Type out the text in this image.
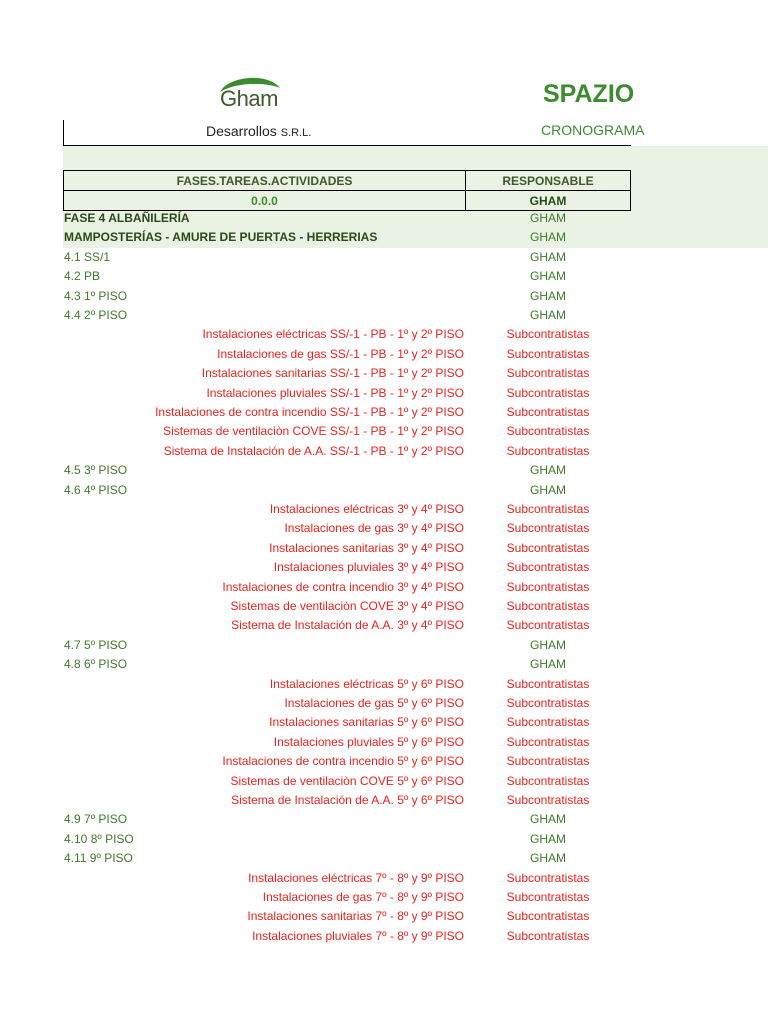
Gham
Desarrollos S.R.L.
SPAZIO
CRONOGRAMA
FASES.TAREAS.ACTIVIDADES	RESPONSABLE
0.0.0	GHAM
FASE 4 ALBAÑILERÍA	GHAM
MAMPOSTERÍAS - AMURE DE PUERTAS - HERRERIAS	GHAM
4.1 SS/1	GHAM
4.2 PB	GHAM
4.3 1º PISO	GHAM
4.4 2º PISO	GHAM
Instalaciones eléctricas SS/-1 - PB - 1º y 2º PISO	Subcontratistas
Instalaciones de gas SS/-1 - PB - 1º y 2º PISO	Subcontratistas
Instalaciones sanitarias SS/-1 - PB - 1º y 2º PISO	Subcontratistas
Instalaciones pluviales SS/-1 - PB - 1º y 2º PISO	Subcontratistas
Instalaciones de contra incendio SS/-1 - PB - 1º y 2º PISO	Subcontratistas
Sistemas de ventilaciòn COVE SS/-1 - PB - 1º y 2º PISO	Subcontratistas
Sistema de Instalación de A.A. SS/-1 - PB - 1º y 2º PISO	Subcontratistas
4.5 3º PISO	GHAM
4.6 4º PISO	GHAM
Instalaciones eléctricas 3º y 4º PISO	Subcontratistas
Instalaciones de gas 3º y 4º PISO	Subcontratistas
Instalaciones sanitarias 3º y 4º PISO	Subcontratistas
Instalaciones pluviales 3º y 4º PISO	Subcontratistas
Instalaciones de contra incendio 3º y 4º PISO	Subcontratistas
Sistemas de ventilaciòn COVE 3º y 4º PISO	Subcontratistas
Sistema de Instalación de A.A. 3º y 4º PISO	Subcontratistas
4.7 5º PISO	GHAM
4.8 6º PISO	GHAM
Instalaciones eléctricas 5º y 6º PISO	Subcontratistas
Instalaciones de gas 5º y 6º PISO	Subcontratistas
Instalaciones sanitarias 5º y 6º PISO	Subcontratistas
Instalaciones pluviales 5º y 6º PISO	Subcontratistas
Instalaciones de contra incendio 5º y 6º PISO	Subcontratistas
Sistemas de ventilaciòn COVE 5º y 6º PISO	Subcontratistas
Sistema de Instalación de A.A. 5º y 6º PISO	Subcontratistas
4.9 7º PISO	GHAM
4.10 8º PISO	GHAM
4.11 9º PISO	GHAM
Instalaciones eléctricas 7º - 8º y 9º PISO	Subcontratistas
Instalaciones de gas 7º - 8º y 9º PISO	Subcontratistas
Instalaciones sanitarias 7º - 8º y 9º PISO	Subcontratistas
Instalaciones pluviales 7º - 8º y 9º PISO	Subcontratistas
